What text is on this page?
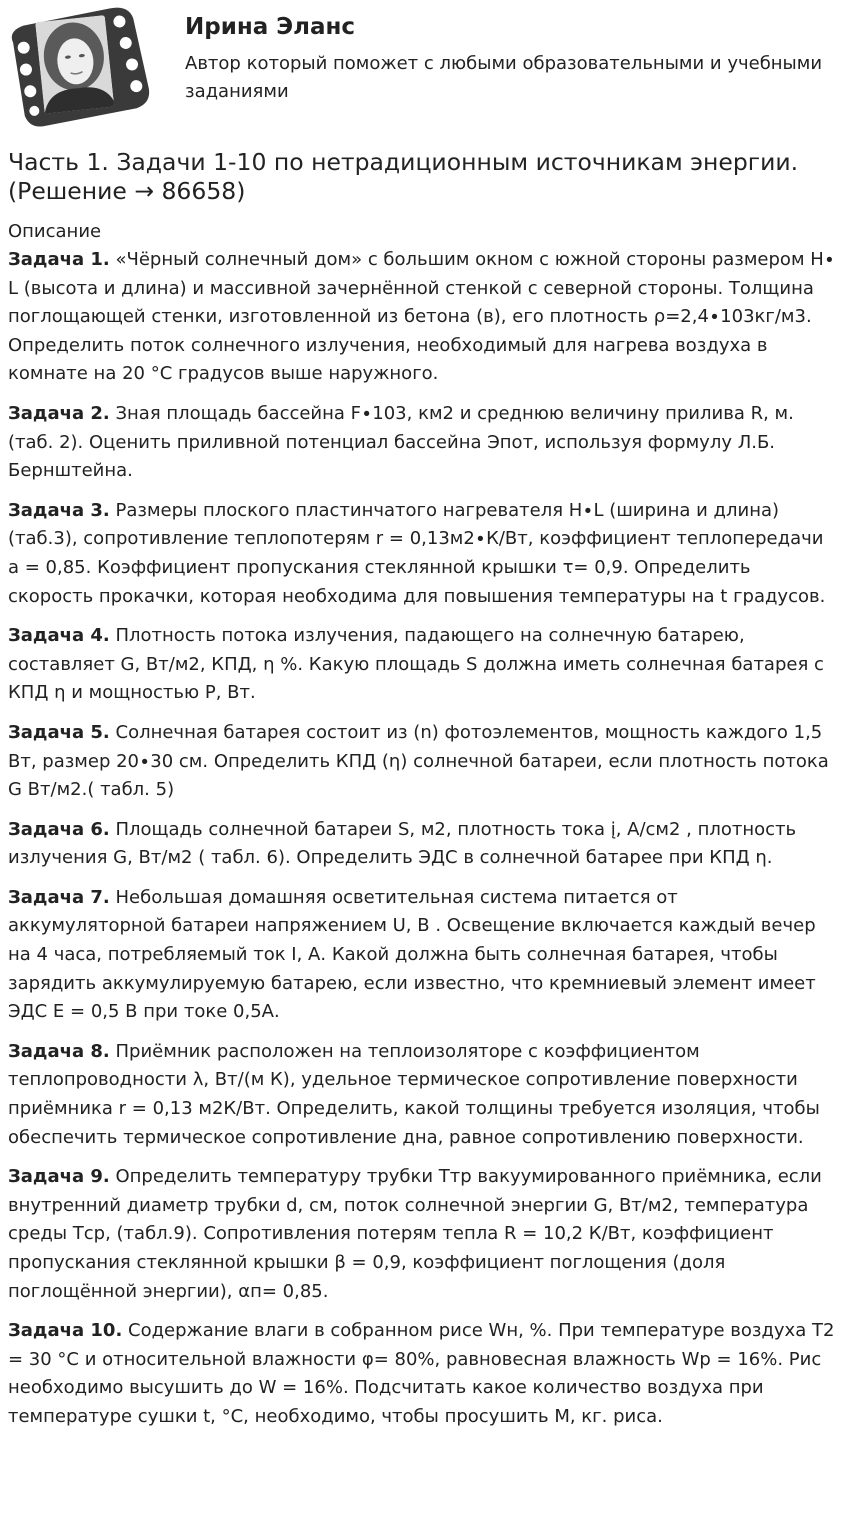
Ирина Эланс

Автор который поможет с любыми образовательными и учебными заданиями

Часть 1. Задачи 1-10 по нетрадиционным источникам энергии. (Решение → 86658)

Описание

Задача 1. «Чёрный солнечный дом» с большим окном с южной стороны размером H∙ L (высота и длина) и массивной зачернённой стенкой с северной стороны. Толщина поглощающей стенки, изготовленной из бетона (в), его плотность ρ=2,4∙103кг/м3. Определить поток солнечного излучения, необходимый для нагрева воздуха в комнате на 20 °С градусов выше наружного.

Задача 2. Зная площадь бассейна F∙103, км2 и среднюю величину прилива R, м.(таб. 2). Оценить приливной потенциал бассейна Эпот, используя формулу Л.Б. Бернштейна.

Задача 3. Размеры плоского пластинчатого нагревателя H∙L (ширина и длина) (таб.3), сопротивление теплопотерям r = 0,13м2∙К/Вт, коэффициент теплопередачи a = 0,85. Коэффициент пропускания стеклянной крышки τ= 0,9. Определить скорость прокачки, которая необходима для повышения температуры на t градусов.

Задача 4. Плотность потока излучения, падающего на солнечную батарею, составляет G, Вт/м2, КПД, η %. Какую площадь S должна иметь солнечная батарея с КПД η и мощностью P, Вт.

Задача 5. Солнечная батарея состоит из (n) фотоэлементов, мощность каждого 1,5 Вт, размер 20∙30 см. Определить КПД (η) солнечной батареи, если плотность потока G Вт/м2.( табл. 5)

Задача 6. Площадь солнечной батареи S, м2, плотность тока į, А/см2 , плотность излучения G, Вт/м2 ( табл. 6). Определить ЭДС в солнечной батарее при КПД η.

Задача 7. Небольшая домашняя осветительная система питается от аккумуляторной батареи напряжением U, В . Освещение включается каждый вечер на 4 часа, потребляемый ток I, А. Какой должна быть солнечная батарея, чтобы зарядить аккумулируемую батарею, если известно, что кремниевый элемент имеет ЭДС Е = 0,5 В при токе 0,5А.

Задача 8. Приёмник расположен на теплоизоляторе с коэффициентом теплопроводности λ, Вт/(м К), удельное термическое сопротивление поверхности приёмника r = 0,13 м2К/Вт. Определить, какой толщины требуется изоляция, чтобы обеспечить термическое сопротивление дна, равное сопротивлению поверхности.

Задача 9. Определить температуру трубки Ттр вакуумированного приёмника, если внутренний диаметр трубки d, см, поток солнечной энергии G, Вт/м2, температура среды Тср, (табл.9). Сопротивления потерям тепла R = 10,2 К/Вт, коэффициент пропускания стеклянной крышки β = 0,9, коэффициент поглощения (доля поглощённой энергии), αп= 0,85.

Задача 10. Содержание влаги в собранном рисе Wн, %. При температуре воздуха Т2 = 30 °С и относительной влажности φ= 80%, равновесная влажность Wр = 16%. Рис необходимо высушить до W = 16%. Подсчитать какое количество воздуха при температуре сушки t, °С, необходимо, чтобы просушить М, кг. риса.
